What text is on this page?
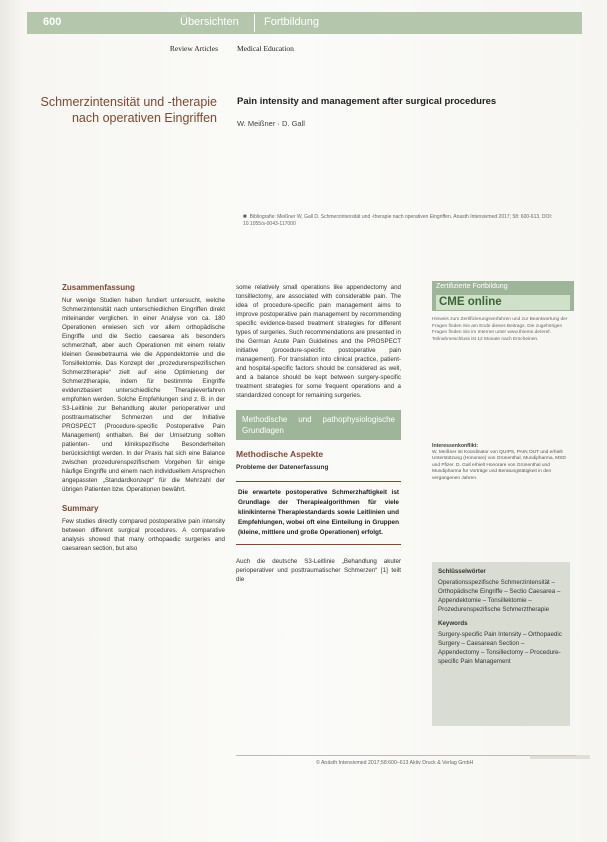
600	Übersichten Fortbildung
Review Articles	Medical Education
Schmerzintensität und -therapie nach operativen Eingriffen
Pain intensity and management after surgical procedures
W. Meißner · D. Gall
■ Bibliografie: Meißner W, Gall D. Schmerzintensität und -therapie nach operativen Eingriffen. Anasth Intensivmed 2017; 58: 600-613. DOI: 10.1055/s-0043-117000
Zusammenfassung

Nur wenige Studien haben fundiert untersucht, welche Schmerzintensität nach unterschiedlichen Eingriffen direkt miteinander verglichen. In einer Analyse von ca. 180 Operationen erwiesen sich vor allem orthopädische Eingriffe und die Sectio caesarea als besonders schmerzhaft, aber auch Operationen mit einem relativ kleinen Gewebetrauma wie die Appendektomie und die Tonsillektomie. Das Konzept der „prozedurenspezifischen Schmerztherapie“ zielt auf eine Optimierung der Schmerztherapie, indem für bestimmte Eingriffe evidenzbasiert unterschiedliche Therapieverfahren empfohlen werden. Solche Empfehlungen sind z. B. in der S3-Leitlinie zur Behandlung akuter perioperativer und posttraumatischer Schmerzen und der Initiative PROSPECT (Procedure-specific Postoperative Pain Management) enthalten. Bei der Umsetzung sollten patienten- und klinikspezifische Besonderheiten berücksichtigt werden. In der Praxis hat sich eine Balance zwischen prozedurenspezifischem Vorgehen für einige häufige Eingriffe und einem nach individuellem Ansprechen angepassten „Standardkonzept“ für die Mehrzahl der übrigen Patienten bzw. Operationen bewährt.

Summary

Few studies directly compared postoperative pain intensity between different surgical procedures. A comparative analysis showed that many orthopaedic surgeries and caesarean section, but also

some relatively small operations like appendectomy and tonsillectomy, are associated with considerable pain. The idea of procedure-specific pain management aims to improve postoperative pain management by recommending specific evidence-based treatment strategies for different types of surgeries. Such recommendations are presented in the German Acute Pain Guidelines and the PROSPECT initiative (procedure-specific postoperative pain management). For translation into clinical practice, patient- and hospital-specific factors should be considered as well, and a balance should be kept between surgery-specific treatment strategies for some frequent operations and a standardized concept for remaining surgeries.

Methodische und pathophysiologische Grundlagen
Methodische Aspekte
Probleme der Datenerfassung
Die erwartete postoperative Schmerzhaftigkeit ist Grundlage der Therapiealgorithmen für viele klinikinterne Therapiestandards sowie Leitlinien und Empfehlungen, wobei oft eine Einteilung in Gruppen (kleine, mittlere und große Operationen) erfolgt.

Auch die deutsche S3-Leitlinie „Behandlung akuter perioperativer und posttraumatischer Schmerzen“ [1] teilt die

Zertifizierte Fortbildung
CME online
Hinweis zum Zertifizierungsverfahren und zur Beantwortung der Fragen finden Sie am Ende dieses Beitrags. Die zugehörigen Fragen finden Sie im Internet unter www.thieme.de/eref. Teilnahmeschluss ist 12 Monate nach Erscheinen.
Interessenkonflikt:
W. Meißner ist Koordinator von QUIPS, PAIN OUT und erhielt Unterstützung (Honorare) von Grünenthal, Mundipharma, MSD und Pfizer. D. Gall erhielt Honorare von Grünenthal und Mundipharma für Vorträge und Beratungstätigkeit in den vergangenen Jahren.
Schlüsselwörter
Operationsspezifische Schmerzintensität – Orthopädische Eingriffe – Sectio Caesarea – Appendektomie – Tonsillektomie – Prozedurenspezifische Schmerztherapie
Keywords
Surgery-specific Pain Intensity – Orthopaedic Surgery – Caesarean Section – Appendectomy – Tonsillectomy – Procedure-specific Pain Management
© Anästh Intensivmed 2017;58:600–613 Aktiv Druck & Verlag GmbH
